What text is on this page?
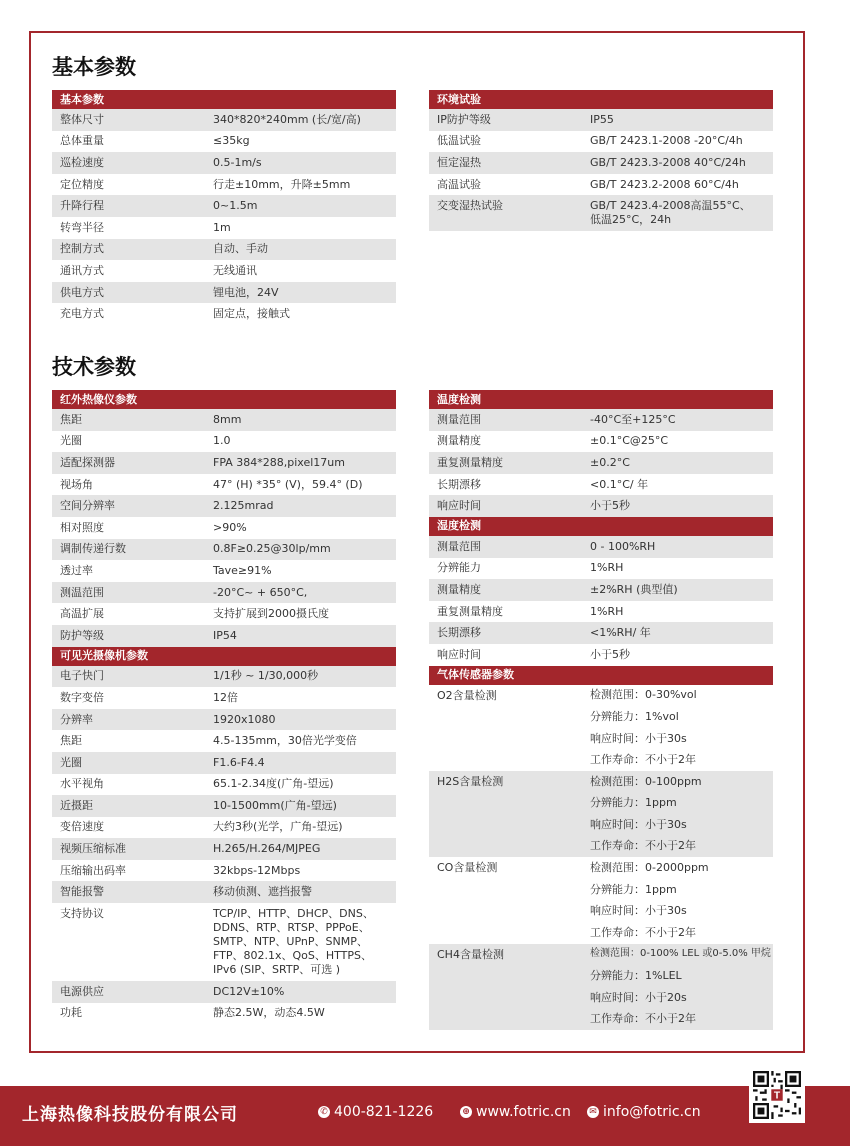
基本参数
技术参数
基本参数	
整体尺寸	340*820*240mm (长/宽/高)
总体重量	≤35kg
巡检速度	0.5-1m/s
定位精度	行走±10mm，升降±5mm
升降行程	0~1.5m
转弯半径	1m
控制方式	自动、手动
通讯方式	无线通讯
供电方式	锂电池，24V
充电方式	固定点，接触式
环境试验	
IP防护等级	IP55
低温试验	GB/T 2423.1-2008 -20°C/4h
恒定湿热	GB/T 2423.3-2008 40°C/24h
高温试验	GB/T 2423.2-2008 60°C/4h
交变湿热试验	GB/T 2423.4-2008高温55°C、
低温25°C，24h
红外热像仪参数	
焦距	8mm
光圈	1.0
适配探测器	FPA 384*288,pixel17um
视场角	47° (H) *35° (V)，59.4° (D)
空间分辨率	2.125mrad
相对照度	>90%
调制传递行数	0.8F≥0.25@30lp/mm
透过率	Tave≥91%
测温范围	-20°C~ + 650°C,
高温扩展	支持扩展到2000摄氏度
防护等级	IP54
可见光摄像机参数	
电子快门	1/1秒 ~ 1/30,000秒
数字变倍	12倍
分辨率	1920x1080
焦距	4.5-135mm，30倍光学变倍
光圈	F1.6-F4.4
水平视角	65.1-2.34度(广角-望远)
近摄距	10-1500mm(广角-望远)
变倍速度	大约3秒(光学，广角-望远)
视频压缩标准	H.265/H.264/MJPEG
压缩输出码率	32kbps-12Mbps
智能报警	移动侦测、遮挡报警
支持协议	TCP/IP、HTTP、DHCP、DNS、
DDNS、RTP、RTSP、PPPoE、
SMTP、NTP、UPnP、SNMP、
FTP、802.1x、QoS、HTTPS、
IPv6 (SIP、SRTP、可选 )
电源供应	DC12V±10%
功耗	静态2.5W，动态4.5W
温度检测	
测量范围	-40°C至+125°C
测量精度	±0.1°C@25°C
重复测量精度	±0.2°C
长期漂移	<0.1°C/ 年
响应时间	小于5秒
湿度检测	
测量范围	0 - 100%RH
分辨能力	1%RH
测量精度	±2%RH (典型值)
重复测量精度	1%RH
长期漂移	<1%RH/ 年
响应时间	小于5秒
气体传感器参数	
O2含量检测	检测范围：0-30%vol
	分辨能力：1%vol
	响应时间：小于30s
	工作寿命：不小于2年
H2S含量检测	检测范围：0-100ppm
	分辨能力：1ppm
	响应时间：小于30s
	工作寿命：不小于2年
CO含量检测	检测范围：0-2000ppm
	分辨能力：1ppm
	响应时间：小于30s
	工作寿命：不小于2年
CH4含量检测	检测范围：0-100% LEL 或0-5.0% 甲烷
	分辨能力：1%LEL
	响应时间：小于20s
	工作寿命：不小于2年
上海热像科技股份有限公司	✆ 400-821-1226	⊕ www.fotric.cn ✉ info@fotric.cn
T
